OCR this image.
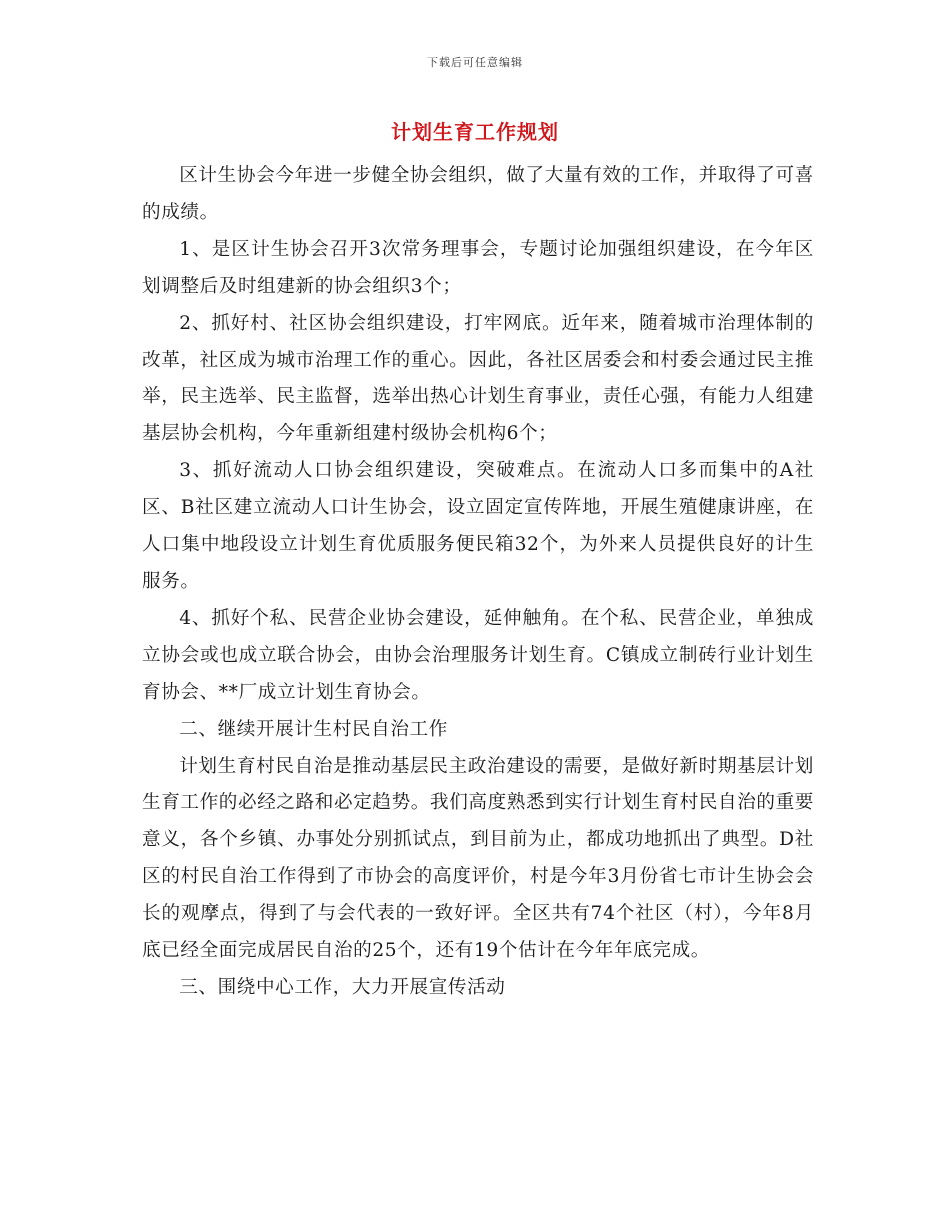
下载后可任意编辑
计划生育工作规划

区计生协会今年进一步健全协会组织，做了大量有效的工作，并取得了可喜的成绩。

1、是区计生协会召开3次常务理事会，专题讨论加强组织建设，在今年区划调整后及时组建新的协会组织3个；

2、抓好村、社区协会组织建设，打牢网底。近年来，随着城市治理体制的改革，社区成为城市治理工作的重心。因此，各社区居委会和村委会通过民主推举，民主选举、民主监督，选举出热心计划生育事业，责任心强，有能力人组建基层协会机构，今年重新组建村级协会机构6个；

3、抓好流动人口协会组织建设，突破难点。在流动人口多而集中的A社区、B社区建立流动人口计生协会，设立固定宣传阵地，开展生殖健康讲座，在人口集中地段设立计划生育优质服务便民箱32个，为外来人员提供良好的计生服务。

4、抓好个私、民营企业协会建设，延伸触角。在个私、民营企业，单独成立协会或也成立联合协会，由协会治理服务计划生育。C镇成立制砖行业计划生育协会、**厂成立计划生育协会。

二、继续开展计生村民自治工作

计划生育村民自治是推动基层民主政治建设的需要，是做好新时期基层计划生育工作的必经之路和必定趋势。我们高度熟悉到实行计划生育村民自治的重要意义，各个乡镇、办事处分别抓试点，到目前为止，都成功地抓出了典型。D社区的村民自治工作得到了市协会的高度评价，村是今年3月份省七市计生协会会长的观摩点，得到了与会代表的一致好评。全区共有74个社区（村），今年8月底已经全面完成居民自治的25个，还有19个估计在今年年底完成。

三、围绕中心工作，大力开展宣传活动
